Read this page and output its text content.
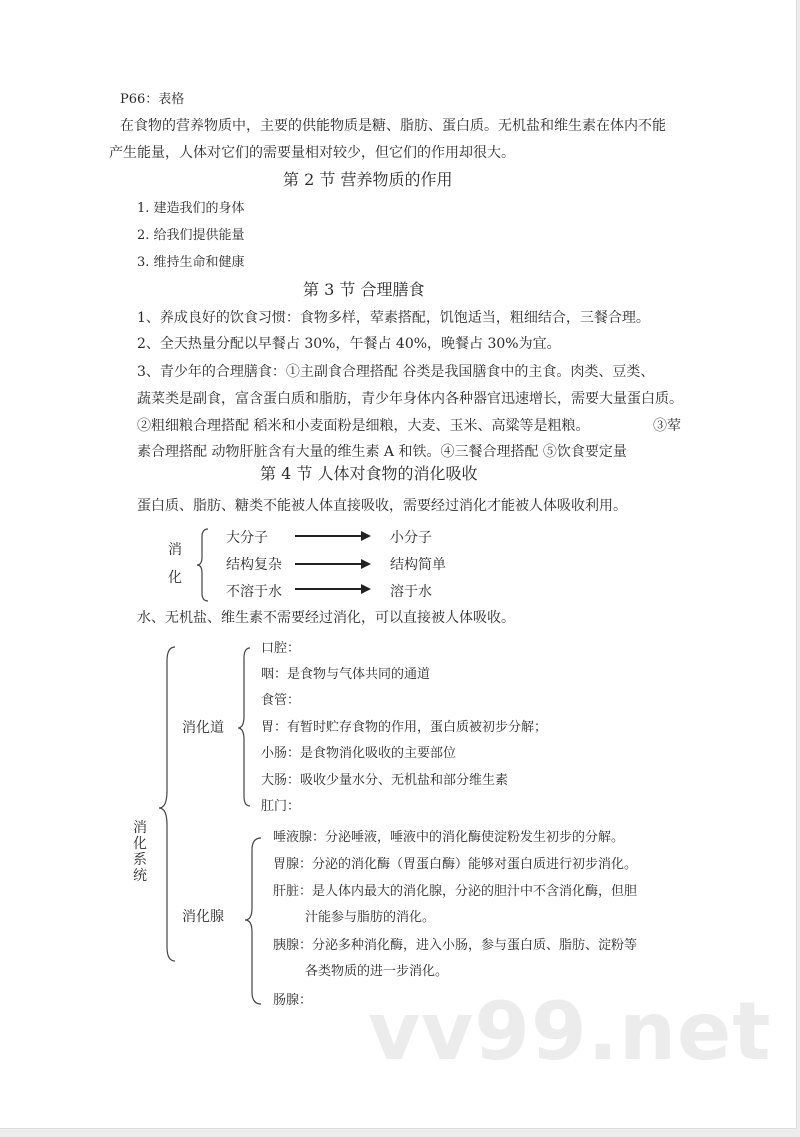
P66：表格
在食物的营养物质中，主要的供能物质是糖、脂肪、蛋白质。无机盐和维生素在体内不能
产生能量，人体对它们的需要量相对较少，但它们的作用却很大。
第 2 节 营养物质的作用
1. 建造我们的身体
2. 给我们提供能量
3. 维持生命和健康
第 3 节 合理膳食
1、养成良好的饮食习惯：食物多样，荤素搭配，饥饱适当，粗细结合，三餐合理。
2、全天热量分配以早餐占 30%，午餐占 40%，晚餐占 30%为宜。
3、青少年的合理膳食：①主副食合理搭配 谷类是我国膳食中的主食。肉类、豆类、
蔬菜类是副食，富含蛋白质和脂肪，青少年身体内各种器官迅速增长，需要大量蛋白质。
②粗细粮合理搭配 稻米和小麦面粉是细粮，大麦、玉米、高粱等是粗粮。	③荤
素合理搭配 动物肝脏含有大量的维生素 A 和铁。④三餐合理搭配 ⑤饮食要定量
第 4 节 人体对食物的消化吸收
蛋白质、脂肪、糖类不能被人体直接吸收，需要经过消化才能被人体吸收利用。
消化
大分子	小分子
结构复杂	结构简单
不溶于水	溶于水
水、无机盐、维生素不需要经过消化，可以直接被人体吸收。
消化系统
消化道
口腔：
咽：是食物与气体共同的通道
食管：
胃：有暂时贮存食物的作用，蛋白质被初步分解；
小肠：是食物消化吸收的主要部位
大肠：吸收少量水分、无机盐和部分维生素
肛门：
消化腺
唾液腺：分泌唾液，唾液中的消化酶使淀粉发生初步的分解。
胃腺：分泌的消化酶（胃蛋白酶）能够对蛋白质进行初步消化。
肝脏：是人体内最大的消化腺，分泌的胆汁中不含消化酶，但胆
汁能参与脂肪的消化。
胰腺：分泌多种消化酶，进入小肠，参与蛋白质、脂肪、淀粉等
各类物质的进一步消化。
肠腺： vv99.net
